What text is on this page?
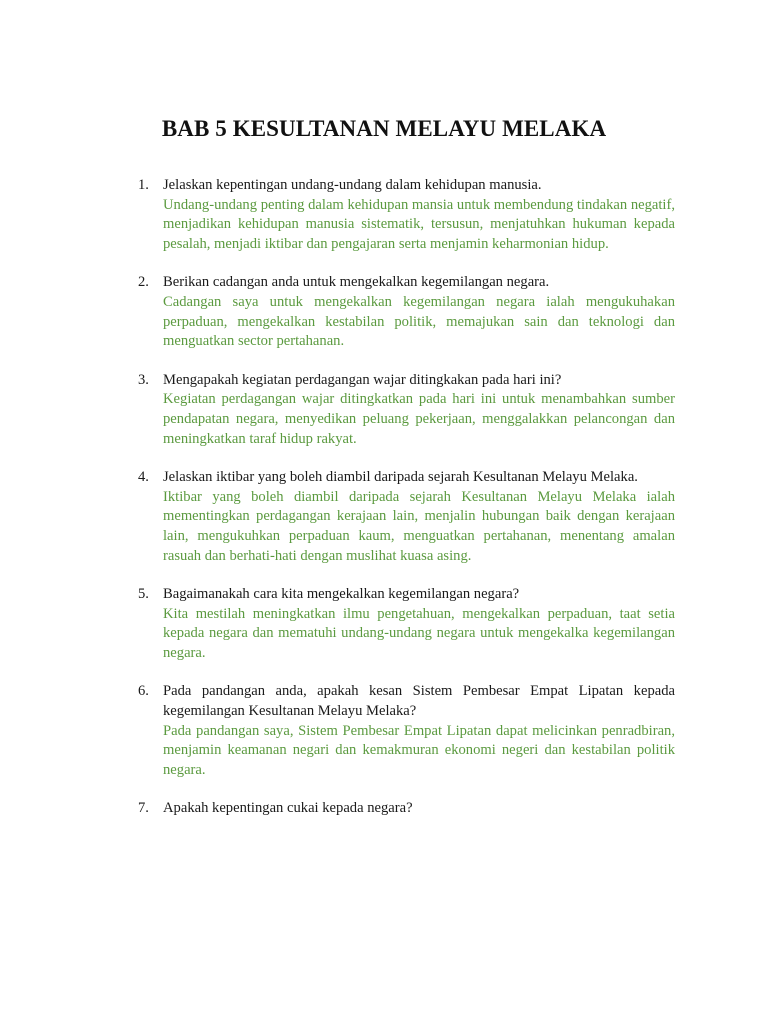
BAB 5 KESULTANAN MELAYU MELAKA
1. Jelaskan kepentingan undang-undang dalam kehidupan manusia.
Undang-undang penting dalam kehidupan mansia untuk membendung tindakan negatif, menjadikan kehidupan manusia sistematik, tersusun, menjatuhkan hukuman kepada pesalah, menjadi iktibar dan pengajaran serta menjamin keharmonian hidup.
2. Berikan cadangan anda untuk mengekalkan kegemilangan negara.
Cadangan saya untuk mengekalkan kegemilangan negara ialah mengukuhakan perpaduan, mengekalkan kestabilan politik, memajukan sain dan teknologi dan menguatkan sector pertahanan.
3. Mengapakah kegiatan perdagangan wajar ditingkakan pada hari ini?
Kegiatan perdagangan wajar ditingkatkan pada hari ini untuk menambahkan sumber pendapatan negara, menyedikan peluang pekerjaan, menggalakkan pelancongan dan meningkatkan taraf hidup rakyat.
4. Jelaskan iktibar yang boleh diambil daripada sejarah Kesultanan Melayu Melaka.
Iktibar yang boleh diambil daripada sejarah Kesultanan Melayu Melaka ialah mementingkan perdagangan kerajaan lain, menjalin hubungan baik dengan kerajaan lain, mengukuhkan perpaduan kaum, menguatkan pertahanan, menentang amalan rasuah dan berhati-hati dengan muslihat kuasa asing.
5. Bagaimanakah cara kita mengekalkan kegemilangan negara?
Kita mestilah meningkatkan ilmu pengetahuan, mengekalkan perpaduan, taat setia kepada negara dan mematuhi undang-undang negara untuk mengekalka kegemilangan negara.
6. Pada pandangan anda, apakah kesan Sistem Pembesar Empat Lipatan kepada kegemilangan Kesultanan Melayu Melaka?
Pada pandangan saya, Sistem Pembesar Empat Lipatan dapat melicinkan penradbiran, menjamin keamanan negari dan kemakmuran ekonomi negeri dan kestabilan politik negara.
7. Apakah kepentingan cukai kepada negara?
